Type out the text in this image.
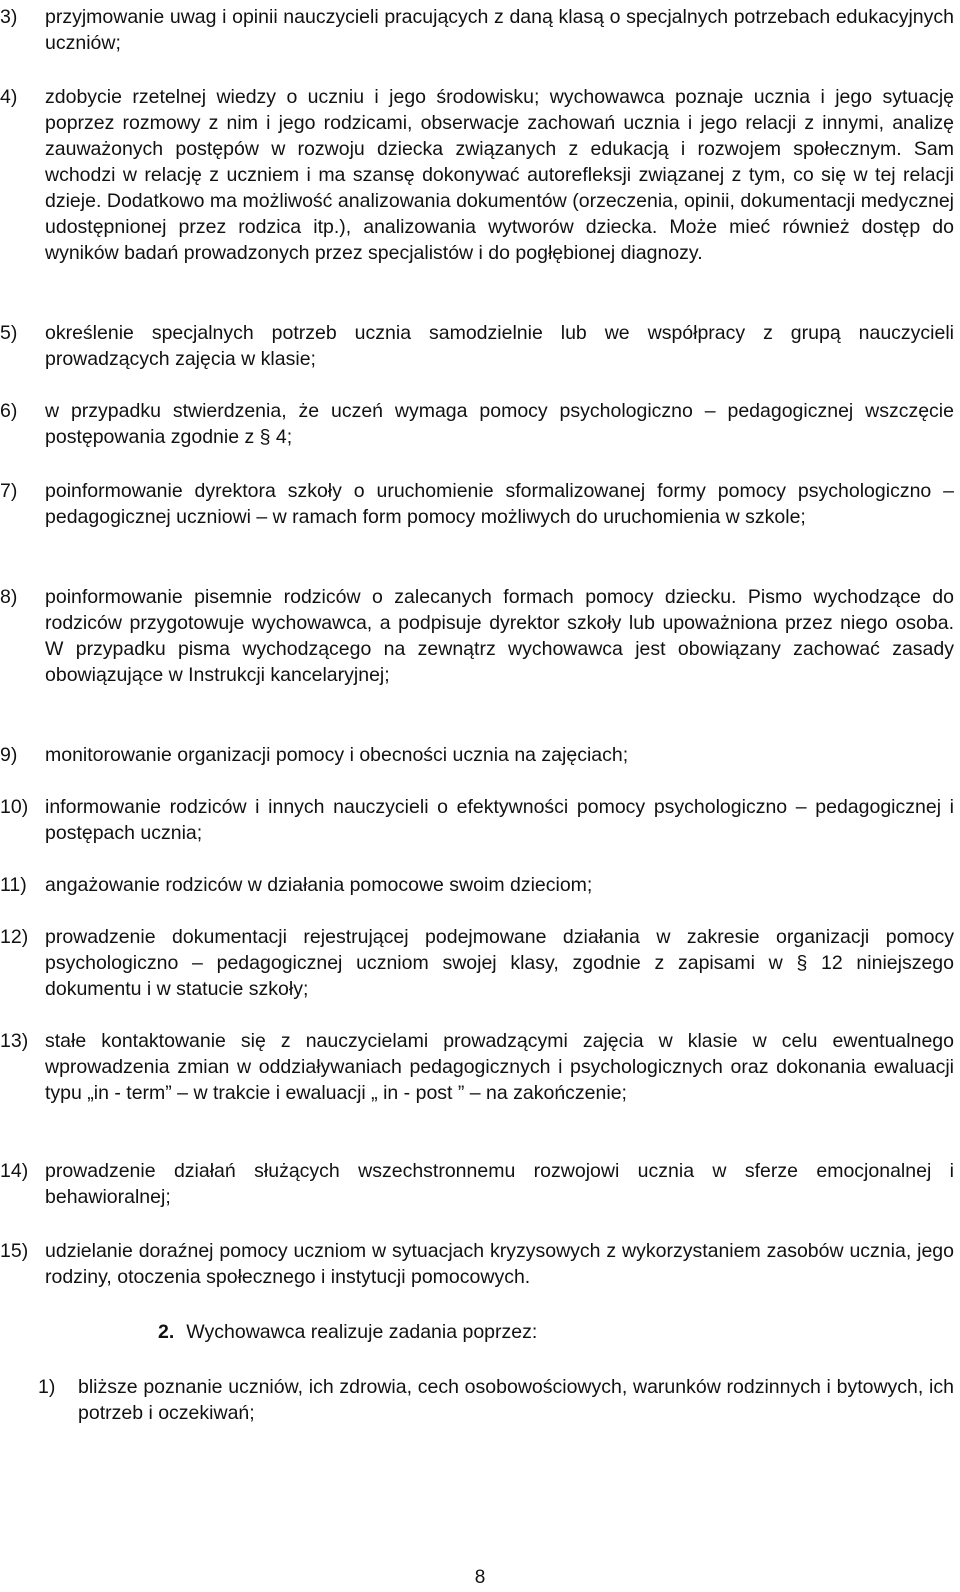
3) przyjmowanie uwag i opinii nauczycieli pracujących z daną klasą o specjalnych potrzebach edukacyjnych uczniów;

4) zdobycie rzetelnej wiedzy o uczniu i jego środowisku; wychowawca poznaje ucznia i jego sytuację poprzez rozmowy z nim i jego rodzicami, obserwacje zachowań ucznia i jego relacji z innymi, analizę zauważonych postępów w rozwoju dziecka związanych z edukacją i rozwojem społecznym. Sam wchodzi w relację z uczniem i ma szansę dokonywać autorefleksji związanej z tym, co się w tej relacji dzieje. Dodatkowo ma możliwość analizowania dokumentów (orzeczenia, opinii, dokumentacji medycznej udostępnionej przez rodzica itp.), analizowania wytworów dziecka. Może mieć również dostęp do wyników badań prowadzonych przez specjalistów i do pogłębionej diagnozy.

5) określenie specjalnych potrzeb ucznia samodzielnie lub we współpracy z grupą nauczycieli prowadzących zajęcia w klasie;

6) w przypadku stwierdzenia, że uczeń wymaga pomocy psychologiczno – pedagogicznej wszczęcie postępowania zgodnie z § 4;

7) poinformowanie dyrektora szkoły o uruchomienie sformalizowanej formy pomocy psychologiczno – pedagogicznej uczniowi – w ramach form pomocy możliwych do uruchomienia w szkole;

8) poinformowanie pisemnie rodziców o zalecanych formach pomocy dziecku. Pismo wychodzące do rodziców przygotowuje wychowawca, a podpisuje dyrektor szkoły lub upoważniona przez niego osoba. W przypadku pisma wychodzącego na zewnątrz wychowawca jest obowiązany zachować zasady obowiązujące w Instrukcji kancelaryjnej;

9) monitorowanie organizacji pomocy i obecności ucznia na zajęciach;

10) informowanie rodziców i innych nauczycieli o efektywności pomocy psychologiczno – pedagogicznej i postępach ucznia;

11) angażowanie rodziców w działania pomocowe swoim dzieciom;

12) prowadzenie dokumentacji rejestrującej podejmowane działania w zakresie organizacji pomocy psychologiczno – pedagogicznej uczniom swojej klasy, zgodnie z zapisami w § 12 niniejszego dokumentu i w statucie szkoły;

13) stałe kontaktowanie się z nauczycielami prowadzącymi zajęcia w klasie w celu ewentualnego wprowadzenia zmian w oddziaływaniach pedagogicznych i psychologicznych oraz dokonania ewaluacji typu „in - term” – w trakcie i ewaluacji „ in - post ” – na zakończenie;

14) prowadzenie działań służących wszechstronnemu rozwojowi ucznia w sferze emocjonalnej i behawioralnej;

15) udzielanie doraźnej pomocy uczniom w sytuacjach kryzysowych z wykorzystaniem zasobów ucznia, jego rodziny, otoczenia społecznego i instytucji pomocowych.

2. Wychowawca realizuje zadania poprzez:
1) bliższe poznanie uczniów, ich zdrowia, cech osobowościowych, warunków rodzinnych i bytowych, ich potrzeb i oczekiwań;

8
